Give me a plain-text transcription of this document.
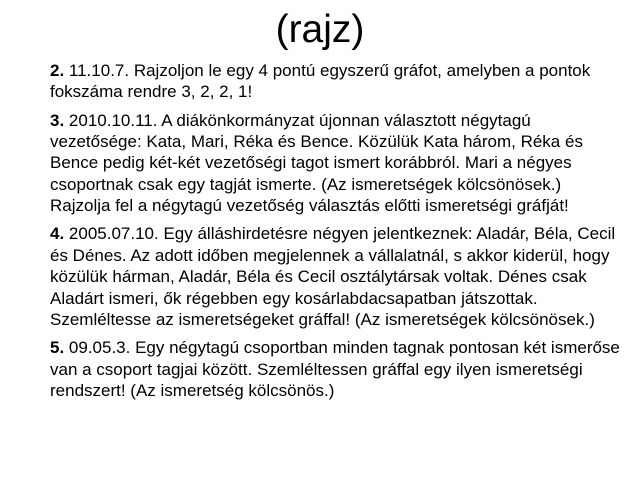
(rajz)

2. 11.10.7. Rajzoljon le egy 4 pontú egyszerű gráfot, amelyben a pontok fokszáma rendre 3, 2, 2, 1!

3. 2010.10.11. A diákönkormányzat újonnan választott négytagú vezetősége: Kata, Mari, Réka és Bence. Közülük Kata három, Réka és Bence pedig két-két vezetőségi tagot ismert korábbról. Mari a négyes csoportnak csak egy tagját ismerte. (Az ismeretségek kölcsönösek.) Rajzolja fel a négytagú vezetőség választás előtti ismeretségi gráfját!

4. 2005.07.10. Egy álláshirdetésre négyen jelentkeznek: Aladár, Béla, Cecil és Dénes. Az adott időben megjelennek a vállalatnál, s akkor kiderül, hogy közülük hárman, Aladár, Béla és Cecil osztálytársak voltak. Dénes csak Aladárt ismeri, ők régebben egy kosárlabdacsapatban játszottak. Szemléltesse az ismeretségeket gráffal! (Az ismeretségek kölcsönösek.)

5. 09.05.3. Egy négytagú csoportban minden tagnak pontosan két ismerőse van a csoport tagjai között. Szemléltessen gráffal egy ilyen ismeretségi rendszert! (Az ismeretség kölcsönös.)
